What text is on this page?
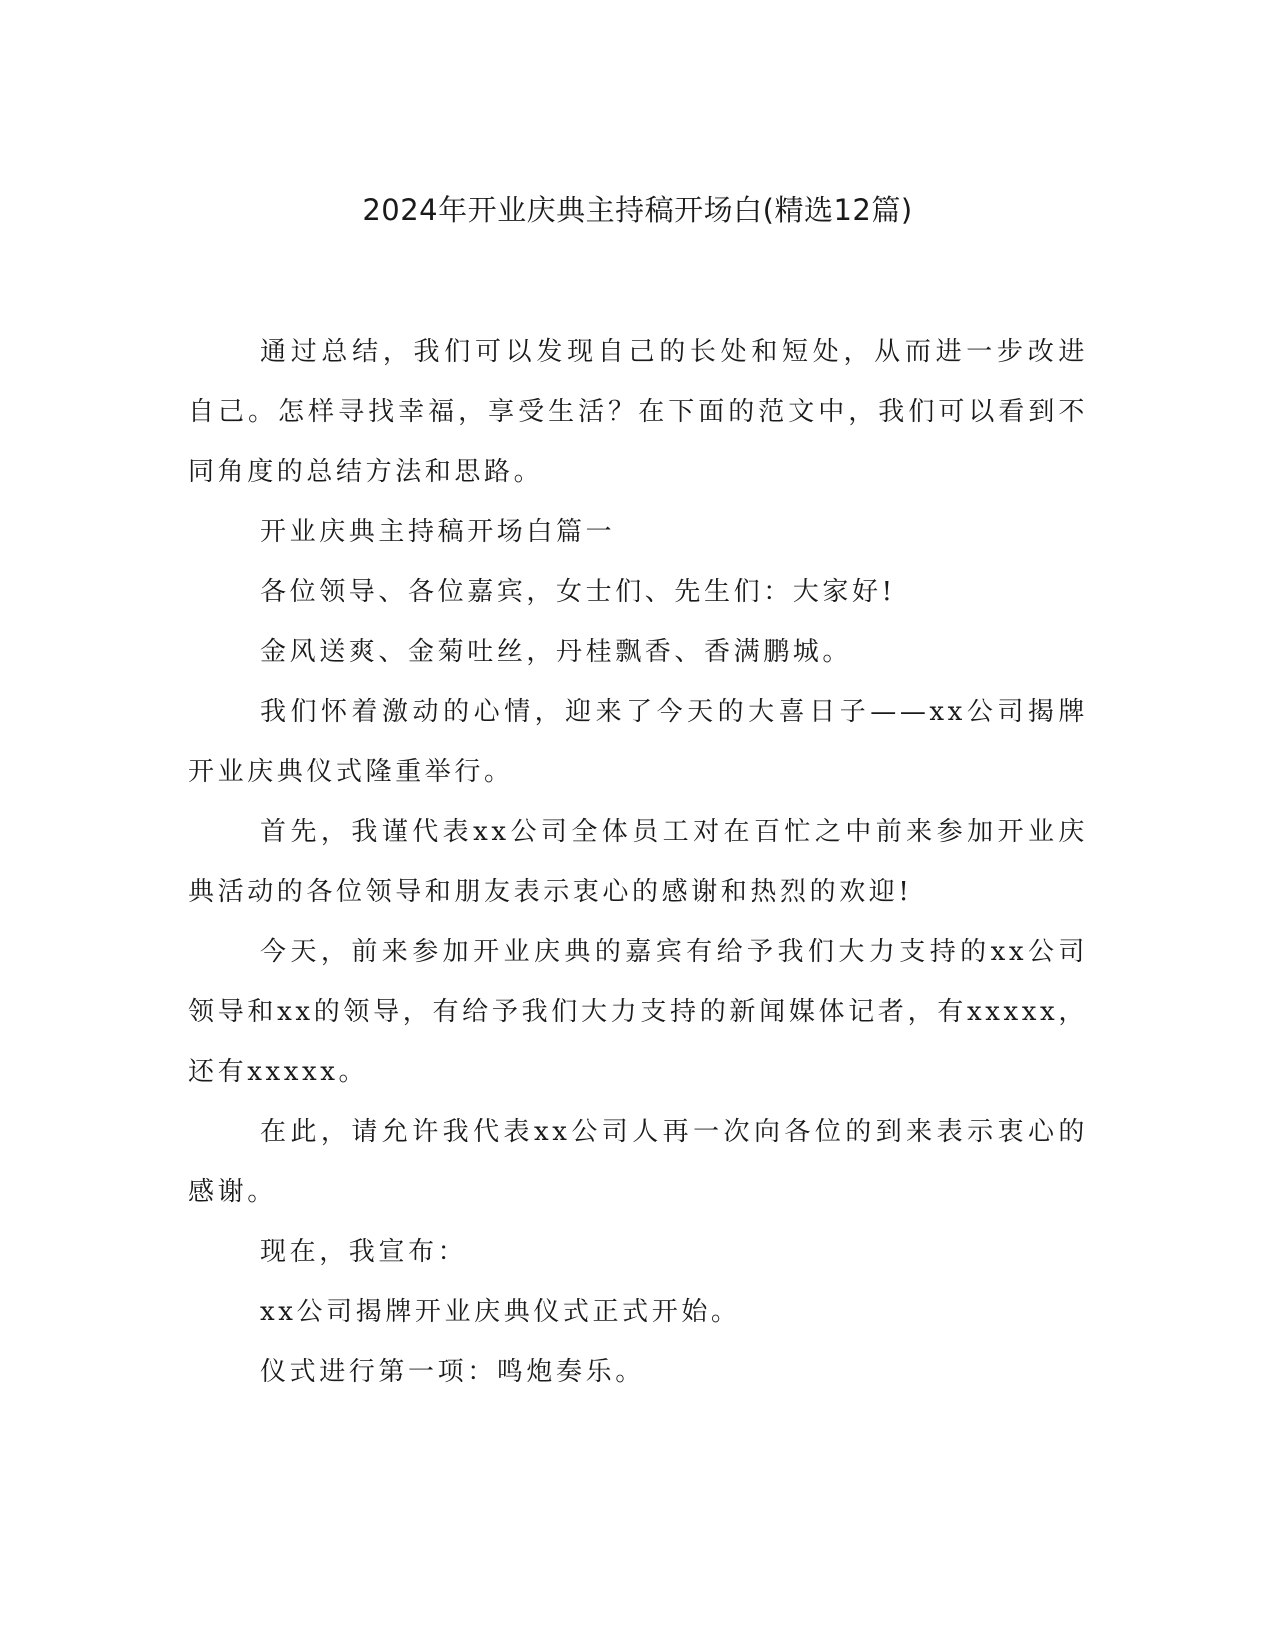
2024年开业庆典主持稿开场白(精选12篇)

通过总结，我们可以发现自己的长处和短处，从而进一步改进自己。怎样寻找幸福，享受生活？在下面的范文中，我们可以看到不同角度的总结方法和思路。

开业庆典主持稿开场白篇一

各位领导、各位嘉宾，女士们、先生们：大家好!

金风送爽、金菊吐丝，丹桂飘香、香满鹏城。

我们怀着激动的心情，迎来了今天的大喜日子——xx公司揭牌开业庆典仪式隆重举行。

首先，我谨代表xx公司全体员工对在百忙之中前来参加开业庆典活动的各位领导和朋友表示衷心的感谢和热烈的欢迎!

今天，前来参加开业庆典的嘉宾有给予我们大力支持的xx公司领导和xx的领导，有给予我们大力支持的新闻媒体记者，有xxxxx，还有xxxxx。

在此，请允许我代表xx公司人再一次向各位的到来表示衷心的感谢。

现在，我宣布：

xx公司揭牌开业庆典仪式正式开始。

仪式进行第一项：鸣炮奏乐。
